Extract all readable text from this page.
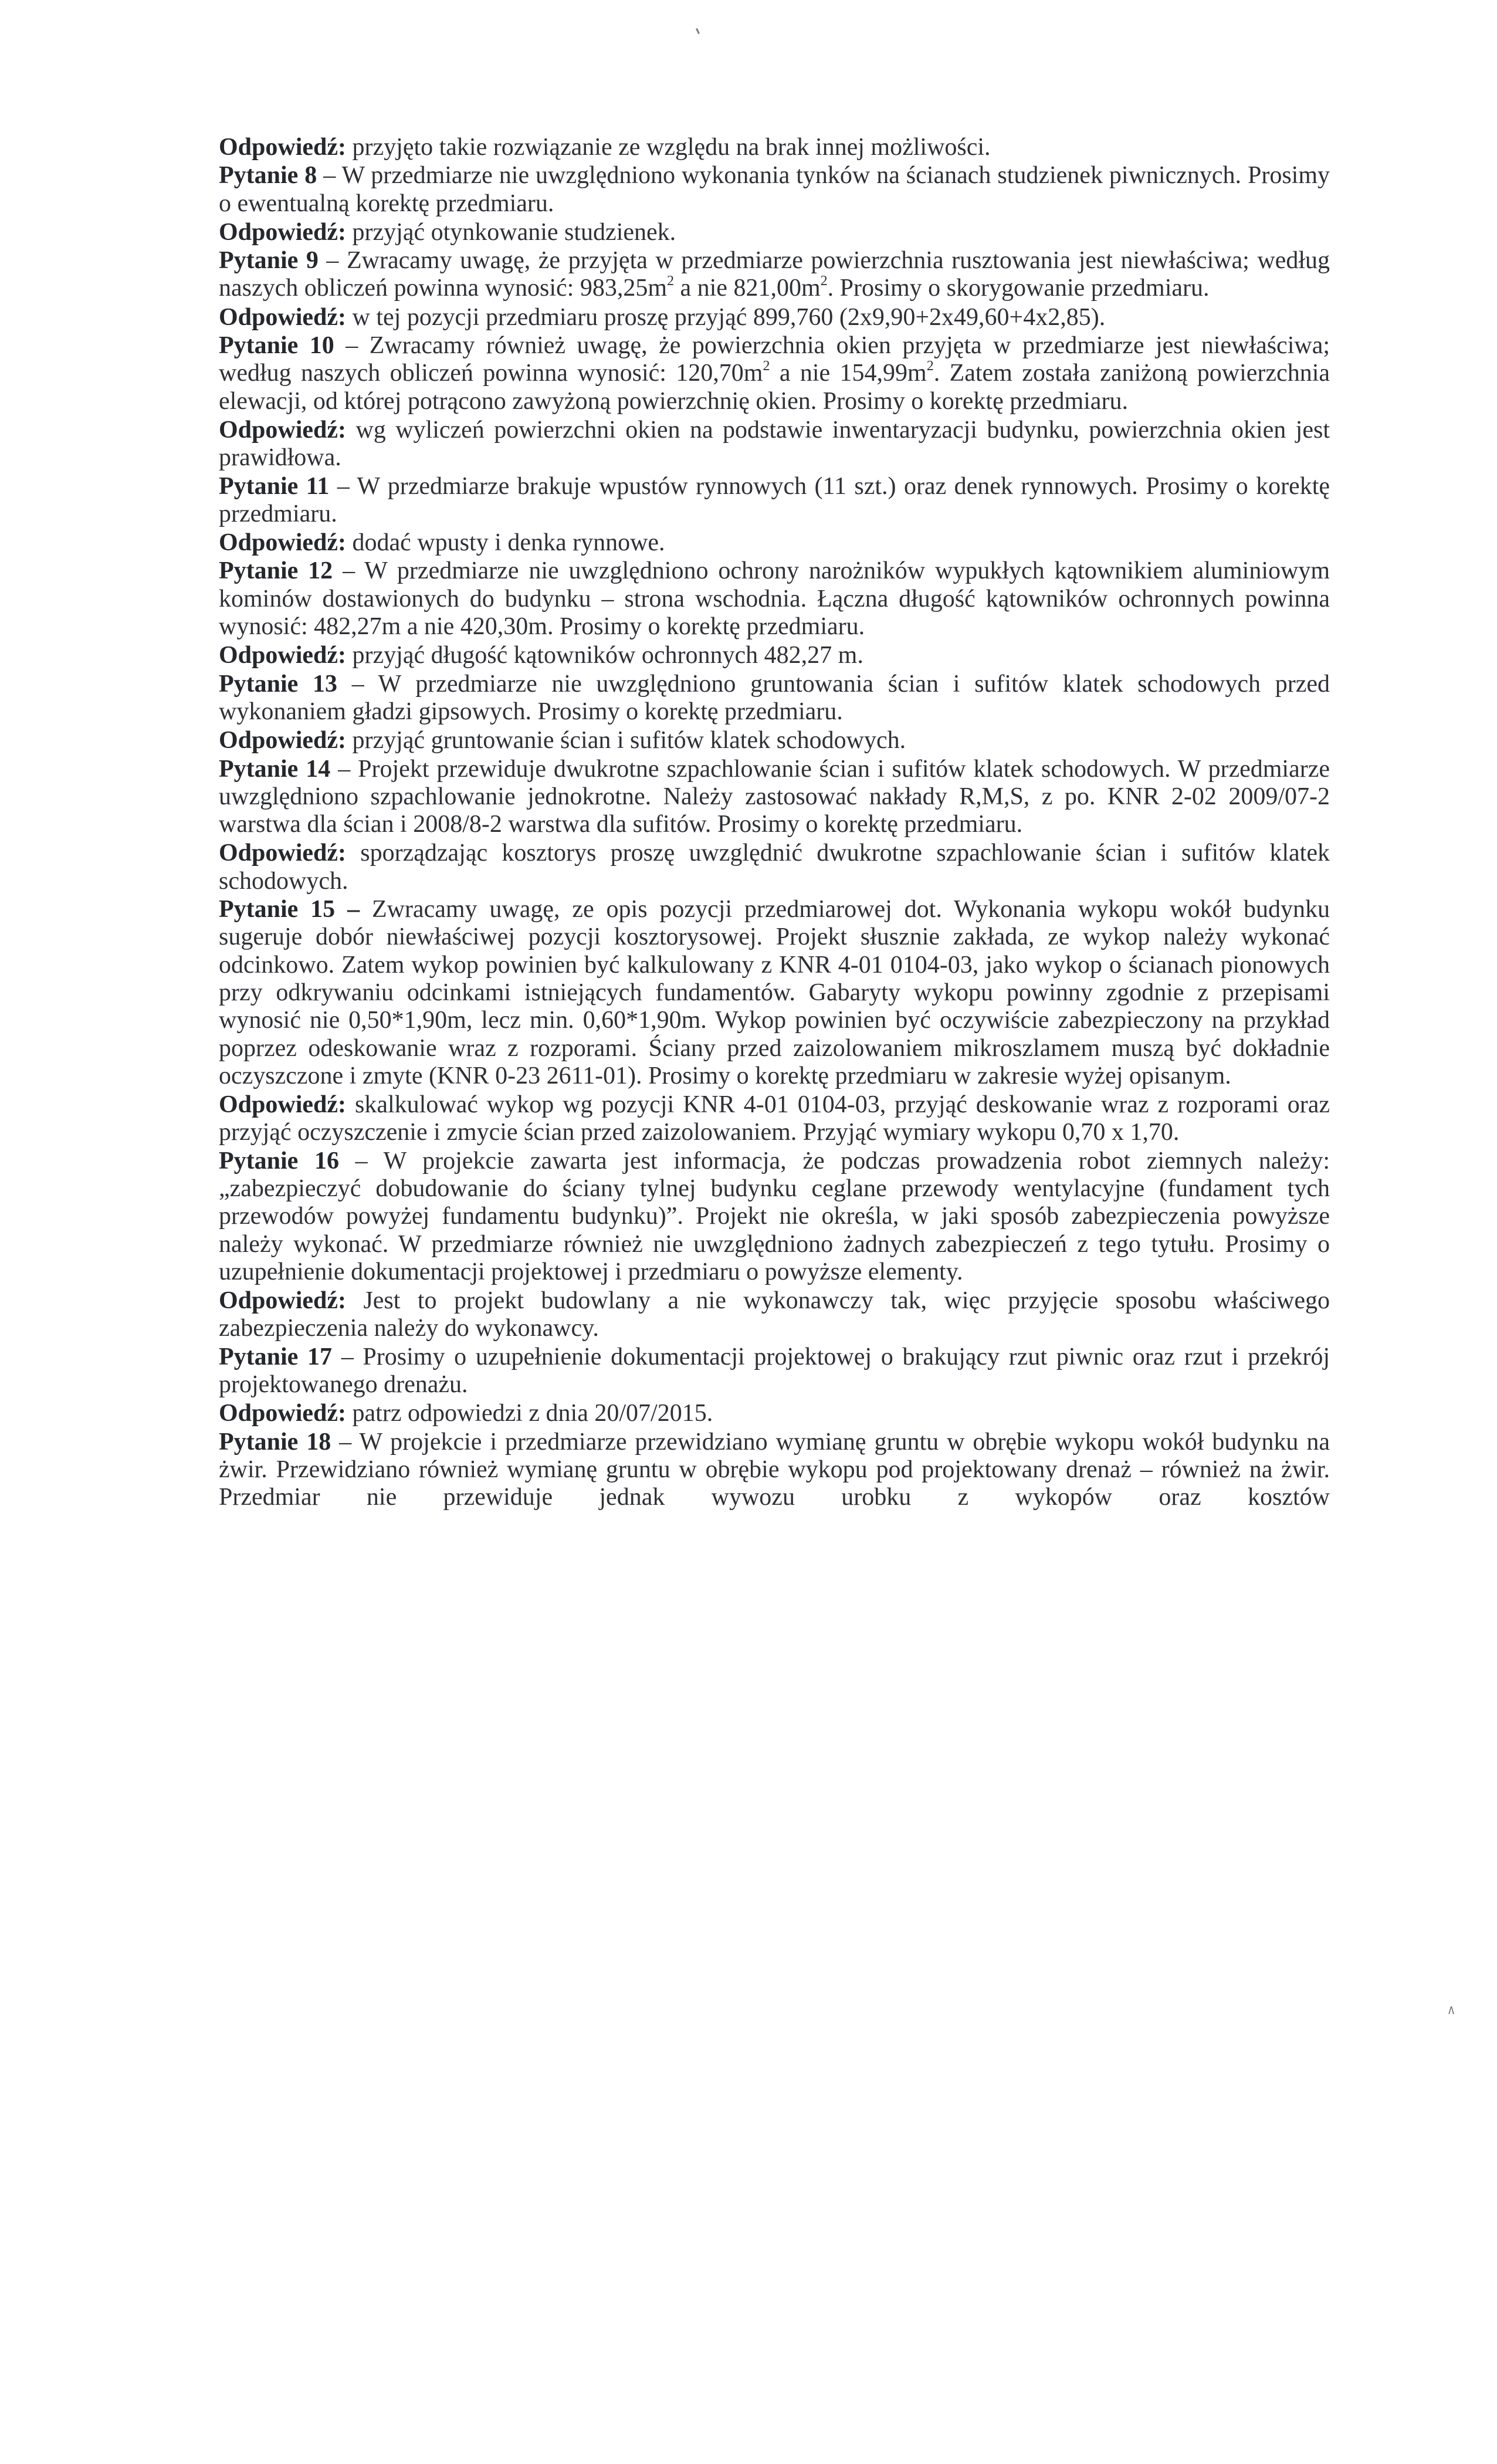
Odpowiedź: przyjęto takie rozwiązanie ze względu na brak innej możliwości.

Pytanie 8 – W przedmiarze nie uwzględniono wykonania tynków na ścianach studzienek piwnicznych. Prosimy o ewentualną korektę przedmiaru.

Odpowiedź: przyjąć otynkowanie studzienek.

Pytanie 9 – Zwracamy uwagę, że przyjęta w przedmiarze powierzchnia rusztowania jest niewłaściwa; według naszych obliczeń powinna wynosić: $983,25m^2$ a nie $821,00m^2$. Prosimy o skorygowanie przedmiaru.

Odpowiedź: w tej pozycji przedmiaru proszę przyjąć 899,760 (2x9,90+2x49,60+4x2,85).

Pytanie 10 – Zwracamy również uwagę, że powierzchnia okien przyjęta w przedmiarze jest niewłaściwa; według naszych obliczeń powinna wynosić: $120,70m^2$ a nie $154,99m^2$. Zatem została zaniżoną powierzchnia elewacji, od której potrącono zawyżoną powierzchnię okien. Prosimy o korektę przedmiaru.

Odpowiedź: wg wyliczeń powierzchni okien na podstawie inwentaryzacji budynku, powierzchnia okien jest prawidłowa.

Pytanie 11 – W przedmiarze brakuje wpustów rynnowych (11 szt.) oraz denek rynnowych. Prosimy o korektę przedmiaru.

Odpowiedź: dodać wpusty i denka rynnowe.

Pytanie 12 – W przedmiarze nie uwzględniono ochrony narożników wypukłych kątownikiem aluminiowym kominów dostawionych do budynku – strona wschodnia. Łączna długość kątowników ochronnych powinna wynosić: 482,27m a nie 420,30m. Prosimy o korektę przedmiaru.

Odpowiedź: przyjąć długość kątowników ochronnych 482,27 m.

Pytanie 13 – W przedmiarze nie uwzględniono gruntowania ścian i sufitów klatek schodowych przed wykonaniem gładzi gipsowych. Prosimy o korektę przedmiaru.

Odpowiedź: przyjąć gruntowanie ścian i sufitów klatek schodowych.

Pytanie 14 – Projekt przewiduje dwukrotne szpachlowanie ścian i sufitów klatek schodowych. W przedmiarze uwzględniono szpachlowanie jednokrotne. Należy zastosować nakłady R,M,S, z po. KNR 2-02 2009/07-2 warstwa dla ścian i 2008/8-2 warstwa dla sufitów. Prosimy o korektę przedmiaru.

Odpowiedź: sporządzając kosztorys proszę uwzględnić dwukrotne szpachlowanie ścian i sufitów klatek schodowych.

Pytanie 15 – Zwracamy uwagę, ze opis pozycji przedmiarowej dot. Wykonania wykopu wokół budynku sugeruje dobór niewłaściwej pozycji kosztorysowej. Projekt słusznie zakłada, ze wykop należy wykonać odcinkowo. Zatem wykop powinien być kalkulowany z KNR 4-01 0104-03, jako wykop o ścianach pionowych przy odkrywaniu odcinkami istniejących fundamentów. Gabaryty wykopu powinny zgodnie z przepisami wynosić nie 0,50*1,90m, lecz min. 0,60*1,90m. Wykop powinien być oczywiście zabezpieczony na przykład poprzez odeskowanie wraz z rozporami. Ściany przed zaizolowaniem mikroszlamem muszą być dokładnie oczyszczone i zmyte (KNR 0-23 2611-01). Prosimy o korektę przedmiaru w zakresie wyżej opisanym.

Odpowiedź: skalkulować wykop wg pozycji KNR 4-01 0104-03, przyjąć deskowanie wraz z rozporami oraz przyjąć oczyszczenie i zmycie ścian przed zaizolowaniem. Przyjąć wymiary wykopu 0,70 x 1,70.

Pytanie 16 – W projekcie zawarta jest informacja, że podczas prowadzenia robot ziemnych należy: „zabezpieczyć dobudowanie do ściany tylnej budynku ceglane przewody wentylacyjne (fundament tych przewodów powyżej fundamentu budynku)”. Projekt nie określa, w jaki sposób zabezpieczenia powyższe należy wykonać. W przedmiarze również nie uwzględniono żadnych zabezpieczeń z tego tytułu. Prosimy o uzupełnienie dokumentacji projektowej i przedmiaru o powyższe elementy.

Odpowiedź: Jest to projekt budowlany a nie wykonawczy tak, więc przyjęcie sposobu właściwego zabezpieczenia należy do wykonawcy.

Pytanie 17 – Prosimy o uzupełnienie dokumentacji projektowej o brakujący rzut piwnic oraz rzut i przekrój projektowanego drenażu.

Odpowiedź: patrz odpowiedzi z dnia 20/07/2015.

Pytanie 18 – W projekcie i przedmiarze przewidziano wymianę gruntu w obrębie wykopu wokół budynku na żwir. Przewidziano również wymianę gruntu w obrębie wykopu pod projektowany drenaż – również na żwir. Przedmiar nie przewiduje jednak wywozu urobku z wykopów oraz kosztów

ʌ
